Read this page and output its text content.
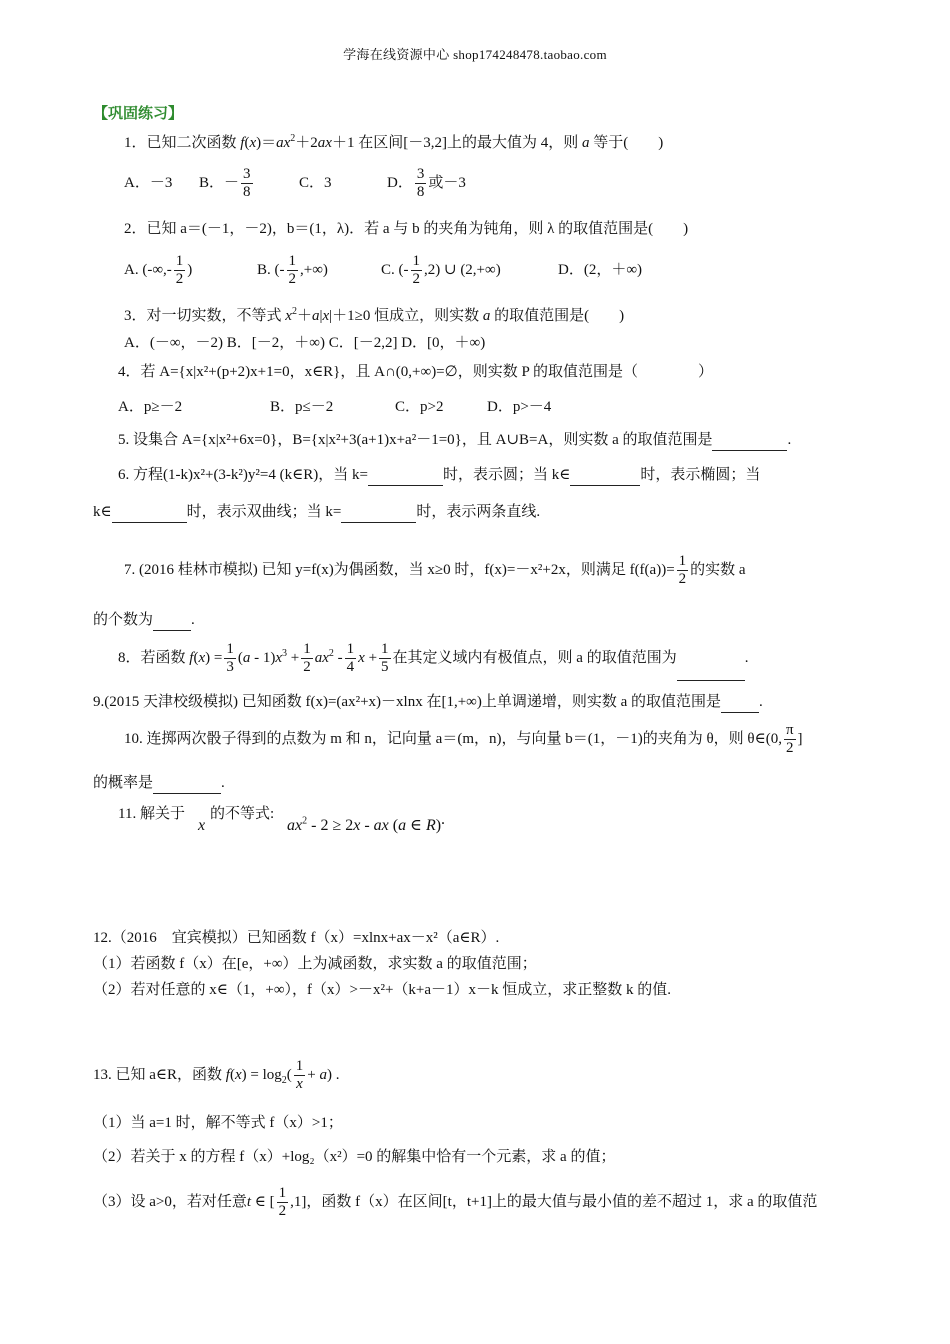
学海在线资源中心 shop174248478.taobao.com
【巩固练习】
1．已知二次函数 $f(x)=ax^2+2ax+1$ 在区间[－3,2]上的最大值为 4，则 a 等于(　　)
A．－3 B．－ $\frac{3}{8}$	C．3	D． $\frac{3}{8}$ 或－3
2．已知 a＝(－1，－2)，b＝(1，λ)．若 a 与 b 的夹角为钝角，则 λ 的取值范围是(　　)
A. (-∞,- $\frac{1}{2}$ )	B. (- $\frac{1}{2}$ ,+∞)	C. (- $\frac{1}{2} ,2$) ∪ (2,+∞)	D．(2，＋∞)
3．对一切实数，不等式 $x^2+a|x|+1\ge 0$ 恒成立，则实数 a 的取值范围是(　　)
A．(－∞，－2) B．[－2，＋∞) C．[－2,2] D．[0，＋∞)
4．若 A={x|x²+(p+2)x+1=0，x∈R}，且 A∩(0,+∞)=∅，则实数 P 的取值范围是（　　　　）
A．p≥－2	B．p≤－2	C．p>2	D．p>－4
5. 设集合 A={x|x²+6x=0}，B={x|x²+3(a+1)x+a²－1=0}，且 A∪B=A，则实数 a 的取值范围是	.
6. 方程(1-k)x²+(3-k²)y²=4 (k∈R)，当 k=	时，表示圆；当 k∈	时，表示椭圆；当
k∈	时，表示双曲线；当 k=	时，表示两条直线.
7. (2016 桂林市模拟) 已知 y=f(x)为偶函数，当 x≥0 时，f(x)=－x²+2x，则满足 $f(f(a))= \frac{1}{2}$ 的实数 a
的个数为	.
8．若函数 $f(x) = \frac{1}{3} (a - 1)x^3 + \frac{1}{2} ax^2 - \frac{1}{4}$ $x + \frac{1}{5}$ 在其定义域内有极值点，则 a 的取值范围为	.
9.(2015 天津校级模拟) 已知函数 f(x)=(ax²+x)－xlnx 在[1,+∞)上单调递增，则实数 a 的取值范围是	.
10. 连掷两次骰子得到的点数为 m 和 n，记向量 a＝(m，n)，与向量 b＝(1，－1)的夹角为 θ，则 θ∈(0, $\frac{\pi}{2}$ ]
的概率是	.
11. 解关于
x
的不等式:
$ax^2 - 2 \ge 2x$ - ax (a ∈ R).
12.（2016　宜宾模拟）已知函数 f（x）=xlnx+ax－x²（a∈R）.
（1）若函数 f（x）在[e，+∞）上为减函数，求实数 a 的取值范围；
（2）若对任意的 x∈（1，+∞），f（x）>－x²+（k+a－1）x－k 恒成立，求正整数 k 的值.
13. 已知 a∈R，函数 $f(x) = \log_2( \frac{1}{x} + a)$ .
（1）当 a=1 时，解不等式 f（x）>1；
（2）若关于 x 的方程 f（x）+log₂（x²）=0 的解集中恰有一个元素，求 a 的值；
（3）设 a>0，若对任意t ∈ [ $\frac{1}{2} ,1$]，函数 f（x）在区间[t，t+1]上的最大值与最小值的差不超过 1，求 a 的取值范
